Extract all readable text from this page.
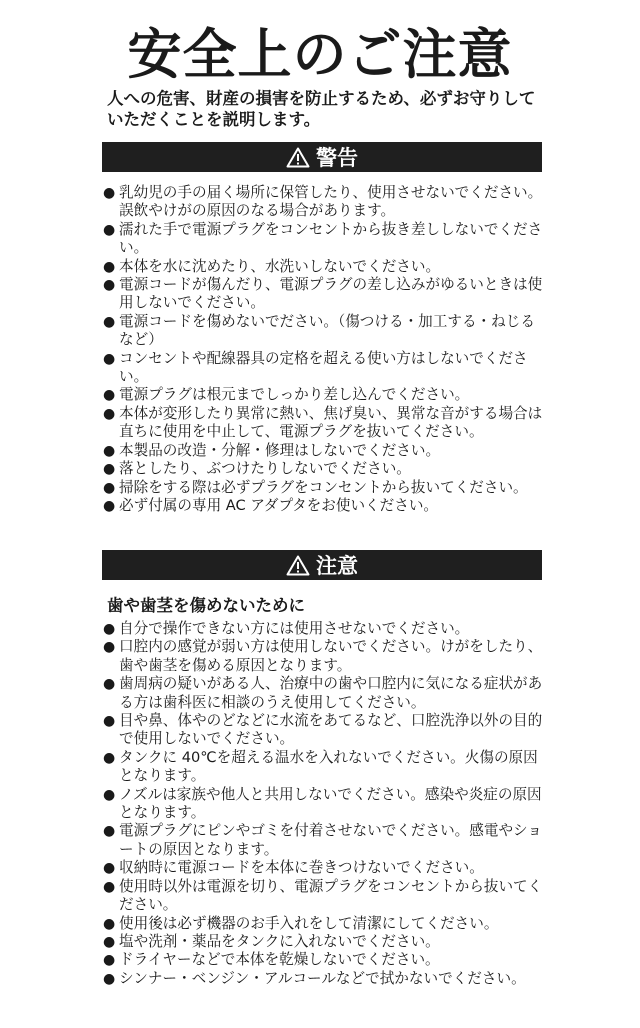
安全上のご注意
人への危害、財産の損害を防止するため、必ずお守りしていただくことを説明します。
警告
● 乳幼児の手の届く場所に保管したり、使用させないでください。誤飲やけがの原因のなる場合があります。
● 濡れた手で電源プラグをコンセントから抜き差ししないでください。
● 本体を水に沈めたり、水洗いしないでください。
● 電源コードが傷んだり、電源プラグの差し込みがゆるいときは使用しないでください。
● 電源コードを傷めないでださい。（傷つける・加工する・ねじるなど）
● コンセントや配線器具の定格を超える使い方はしないでください。
● 電源プラグは根元までしっかり差し込んでください。
● 本体が変形したり異常に熱い、焦げ臭い、異常な音がする場合は直ちに使用を中止して、電源プラグを抜いてください。
● 本製品の改造・分解・修理はしないでください。
● 落としたり、ぶつけたりしないでください。
● 掃除をする際は必ずプラグをコンセントから抜いてください。
● 必ず付属の専用 AC アダプタをお使いください。
注意
歯や歯茎を傷めないために
● 自分で操作できない方には使用させないでください。
● 口腔内の感覚が弱い方は使用しないでください。けがをしたり、歯や歯茎を傷める原因となります。
● 歯周病の疑いがある人、治療中の歯や口腔内に気になる症状がある方は歯科医に相談のうえ使用してください。
● 目や鼻、体やのどなどに水流をあてるなど、口腔洗浄以外の目的で使用しないでください。
● タンクに 40℃を超える温水を入れないでください。火傷の原因となります。
● ノズルは家族や他人と共用しないでください。感染や炎症の原因となります。
● 電源プラグにピンやゴミを付着させないでください。感電やショートの原因となります。
● 収納時に電源コードを本体に巻きつけないでください。
● 使用時以外は電源を切り、電源プラグをコンセントから抜いてください。
● 使用後は必ず機器のお手入れをして清潔にしてください。
● 塩や洗剤・薬品をタンクに入れないでください。
● ドライヤーなどで本体を乾燥しないでください。
● シンナー・ベンジン・アルコールなどで拭かないでください。
